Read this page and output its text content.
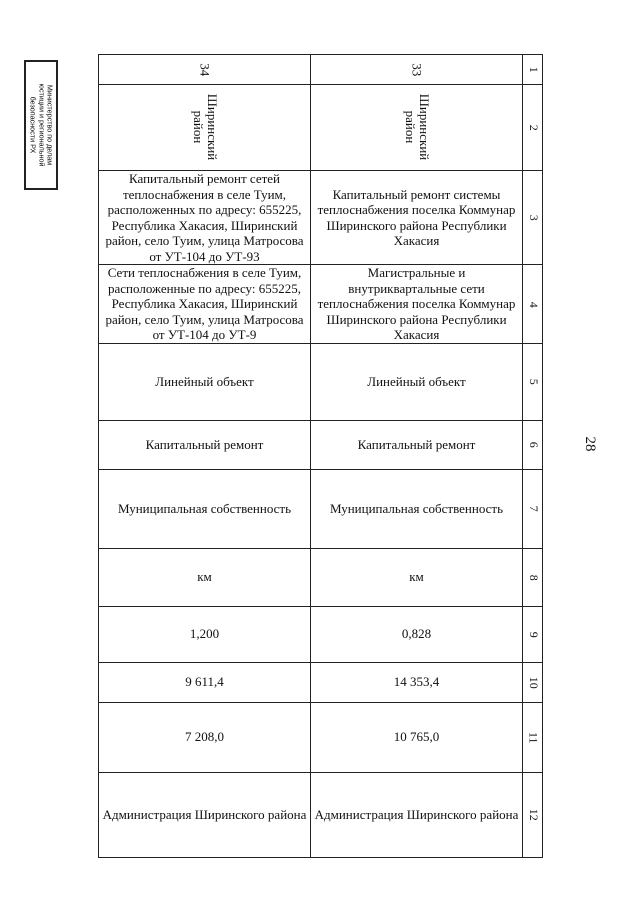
Министерство по делам
юстиции и региональной
безопасности РХ
28
34	33	1
Ширинский район	Ширинский район	2
Капитальный ремонт сетей теплоснабжения в селе Туим, расположенных по адресу: 655225, Республика Хакасия, Ширинский район, село Туим, улица Матросова от УТ-104 до УТ-93	Капитальный ремонт системы теплоснабжения поселка Коммунар Ширинского района Республики Хакасия	3
Сети теплоснабжения в селе Туим, расположенные по адресу: 655225, Республика Хакасия, Ширинский район, село Туим, улица Матросова от УТ-104 до УТ-9	Магистральные и внутриквартальные сети теплоснабжения поселка Коммунар Ширинского района Республики Хакасия	4
Линейный объект	Линейный объект	5
Капитальный ремонт	Капитальный ремонт	6
Муниципальная собственность	Муниципальная собственность	7
км	км	8
1,200	0,828	9
9 611,4	14 353,4	10
7 208,0	10 765,0	11
Администрация Ширинского района	Администрация Ширинского района	12
